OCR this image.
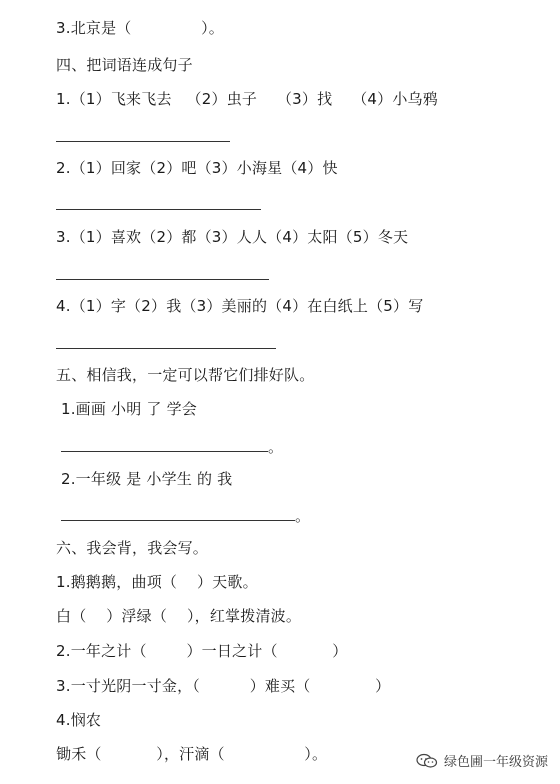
3.北京是（              ）。
四、把词语连成句子
1.（1）飞来飞去   （2）虫子    （3）找    （4）小乌鸦
2.（1）回家（2）吧（3）小海星（4）快
3.（1）喜欢（2）都（3）人人（4）太阳（5）冬天
4.（1）字（2）我（3）美丽的（4）在白纸上（5）写
五、相信我，一定可以帮它们排好队。
1.画画 小明 了 学会
。
2.一年级 是 小学生 的 我
。
六、我会背，我会写。
1.鹅鹅鹅，曲项（    ）天歌。
白（    ）浮绿（    ），红掌拨清波。
2.一年之计（        ）一日之计（           ）
3.一寸光阴一寸金，（          ）难买（             ）
4.悯农
锄禾（           ），汗滴（                ）。	绿色圃一年级资源
